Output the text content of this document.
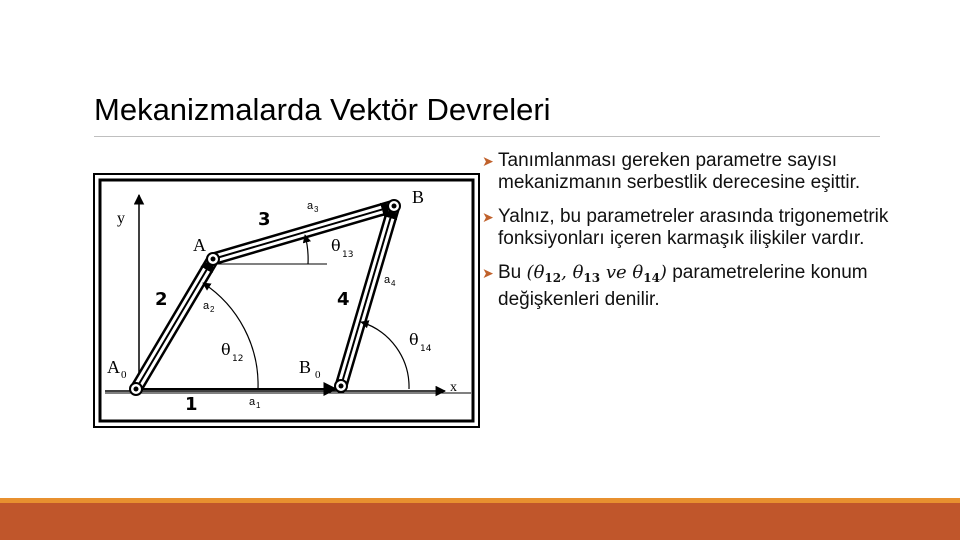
Mekanizmalarda Vektör Devreleri
y
x
A
B
A 0	B 0
1
2
3
4
a 1
a 2
a 3
a 4
θ 12
θ 13
θ 14
➤ Tanımlanması gereken parametre sayısı mekanizmanın serbestlik derecesine eşittir.
➤ Yalnız, bu parametreler arasında trigonemetrik fonksiyonları içeren karmaşık ilişkiler vardır.
➤ Bu ($\theta_{12}$, $\theta_{13}$ ve $\theta_{14}$) parametrelerine konum değişkenleri denilir.
